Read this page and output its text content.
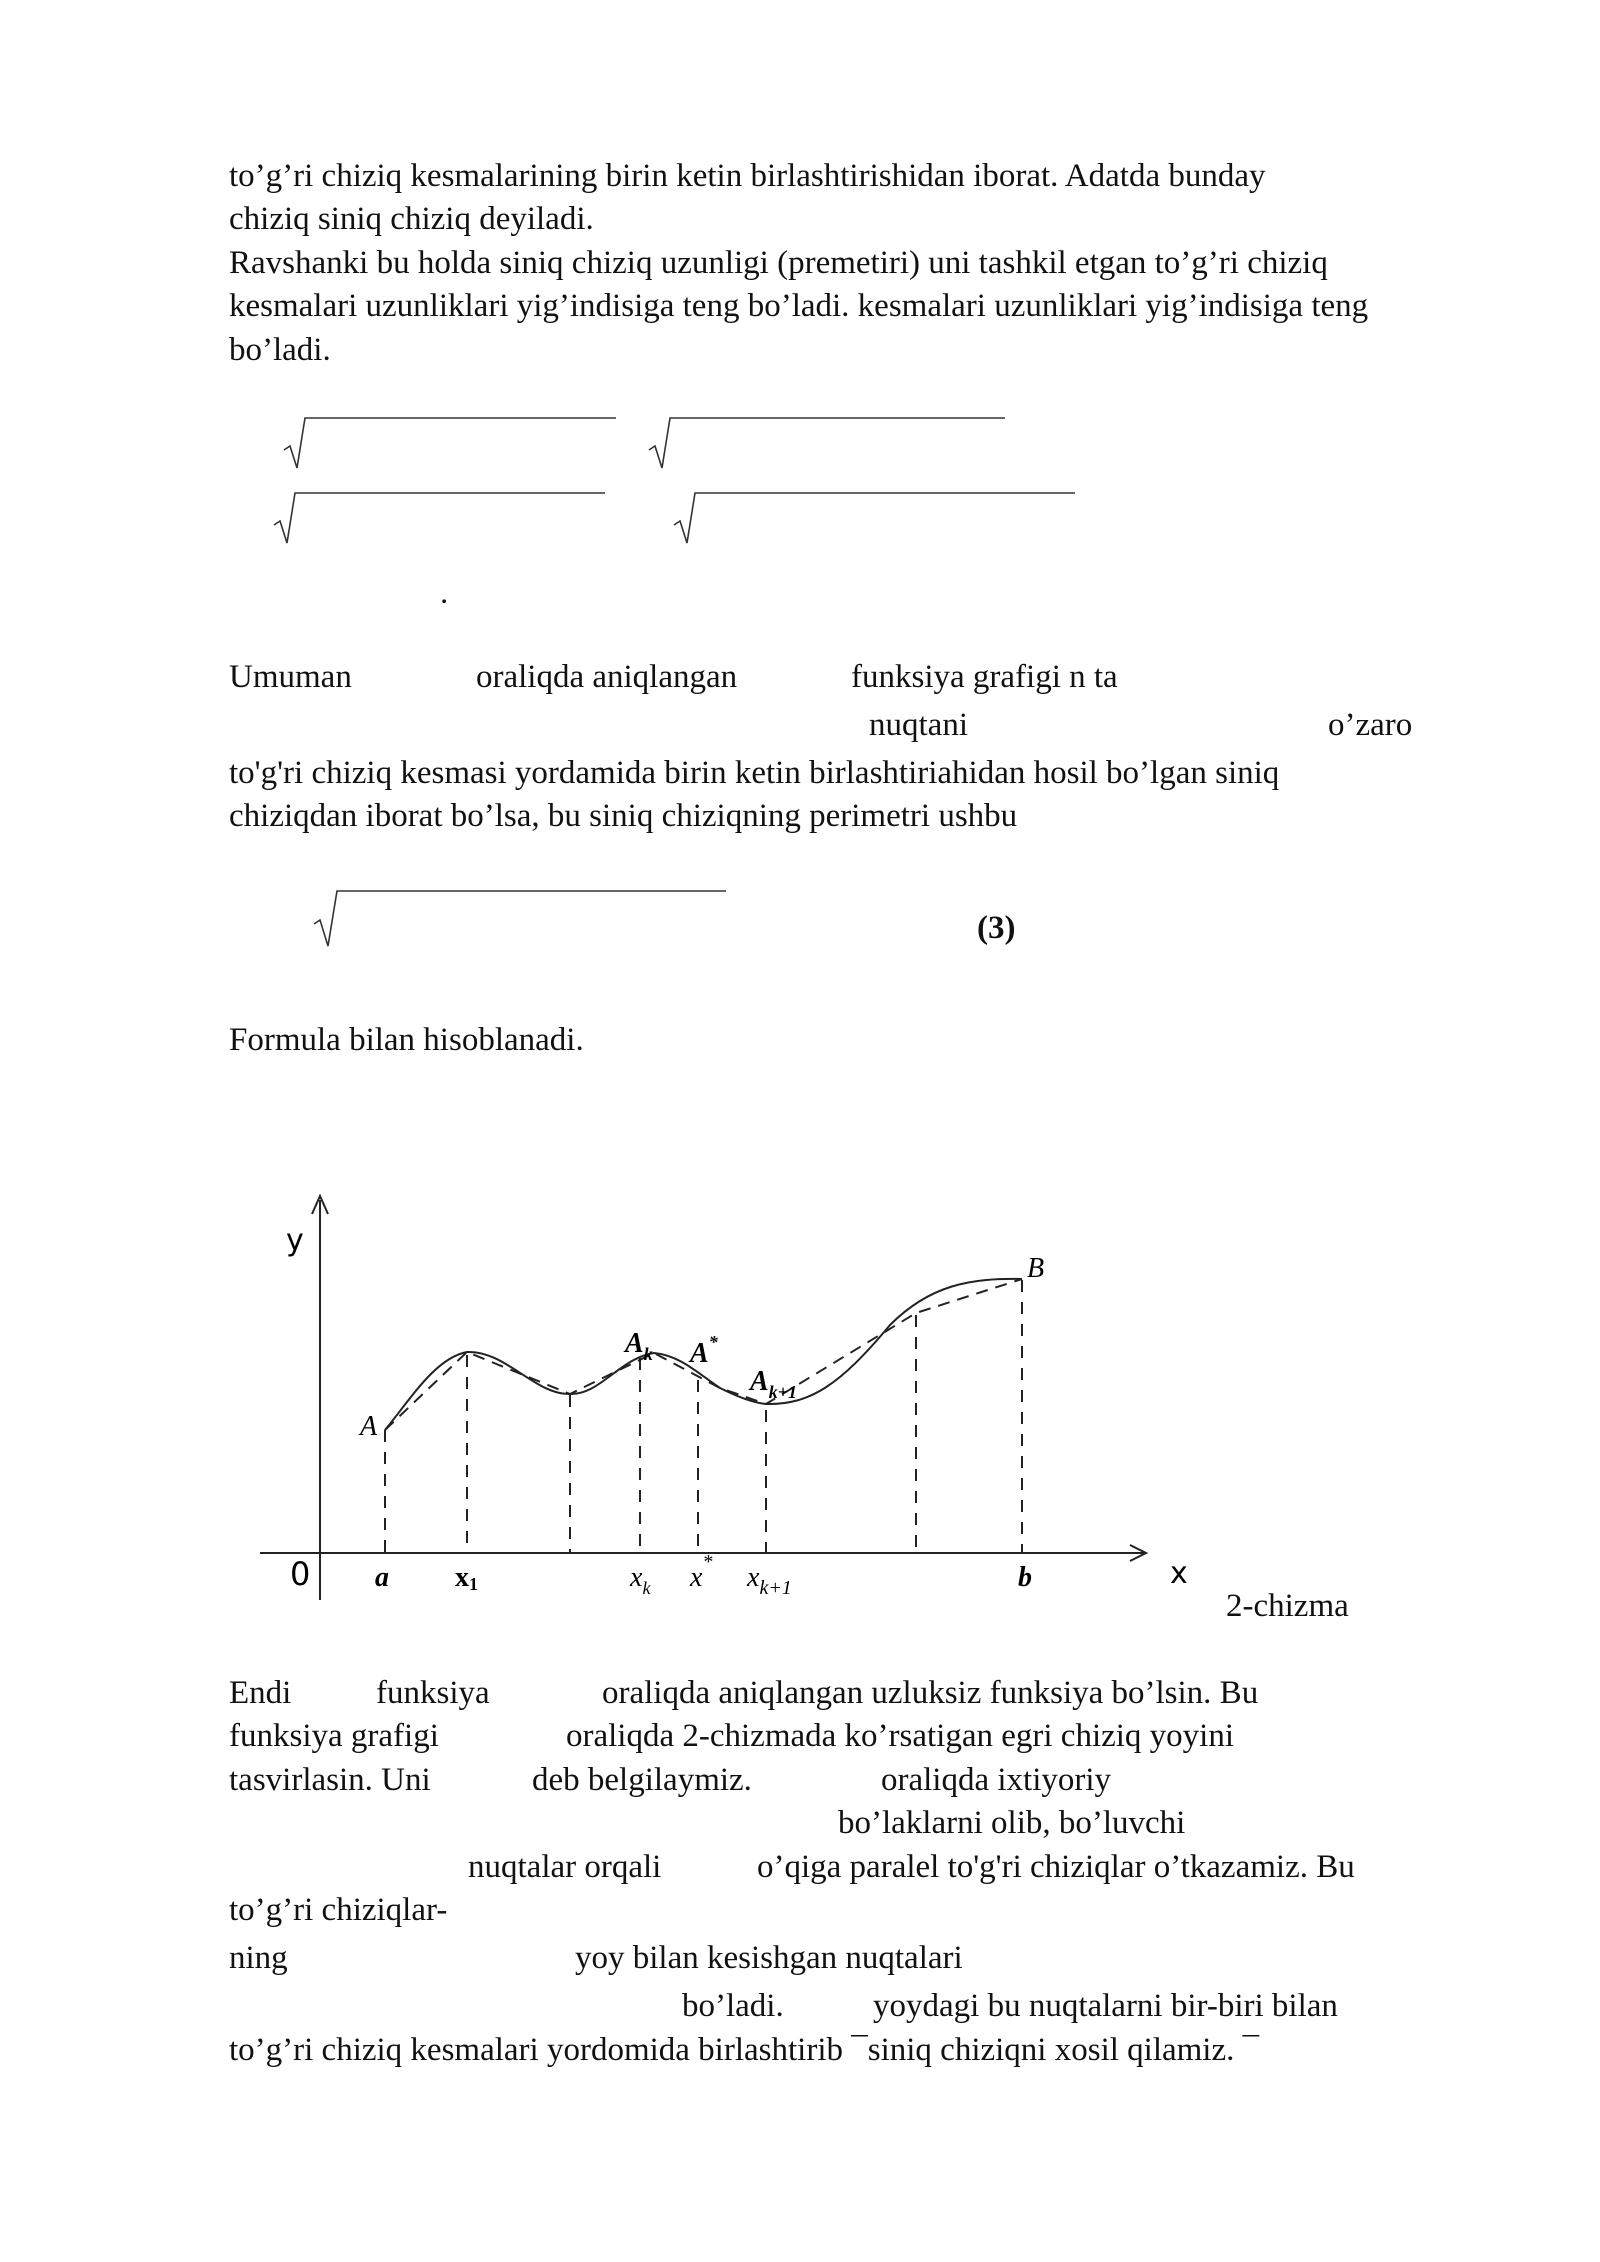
to’g’ri chiziq kesmalarining birin ketin birlashtirishidan iborat. Adatda bunday
chiziq siniq chiziq deyiladi.
Ravshanki bu holda siniq chiziq uzunligi (premetiri) uni tashkil etgan to’g’ri chiziq
kesmalari uzunliklari yig’indisiga teng bo’ladi. kesmalari uzunliklari yig’indisiga teng
bo’ladi.
.
Umuman	oraliqda aniqlangan	funksiya grafigi n ta
nuqtani	o’zaro
to'g'ri chiziq kesmasi yordamida birin ketin birlashtiriahidan hosil bo’lgan siniq
chiziqdan iborat bo’lsa, bu siniq chiziqning perimetri ushbu
(3)
Formula bilan hisoblanadi.
y
x
0 a x1	$x_k$ x* $x_{k+1}$	b
A
B
$A_k$ A*
$A_{k+1}$
2-chizma
Endi	funksiya	oraliqda aniqlangan uzluksiz funksiya bo’lsin. Bu
funksiya grafigi	oraliqda 2-chizmada ko’rsatigan egri chiziq yoyini
tasvirlasin. Uni	deb belgilaymiz.	oraliqda ixtiyoriy
bo’laklarni olib, bo’luvchi
nuqtalar orqali	o’qiga paralel to'g'ri chiziqlar o’tkazamiz. Bu
to’g’ri chiziqlar-
ning	yoy bilan kesishgan nuqtalari
bo’ladi.	yoydagi bu nuqtalarni bir-biri bilan
to’g’ri chiziq kesmalari yordomida birlashtirib ¯siniq chiziqni xosil qilamiz. ¯
